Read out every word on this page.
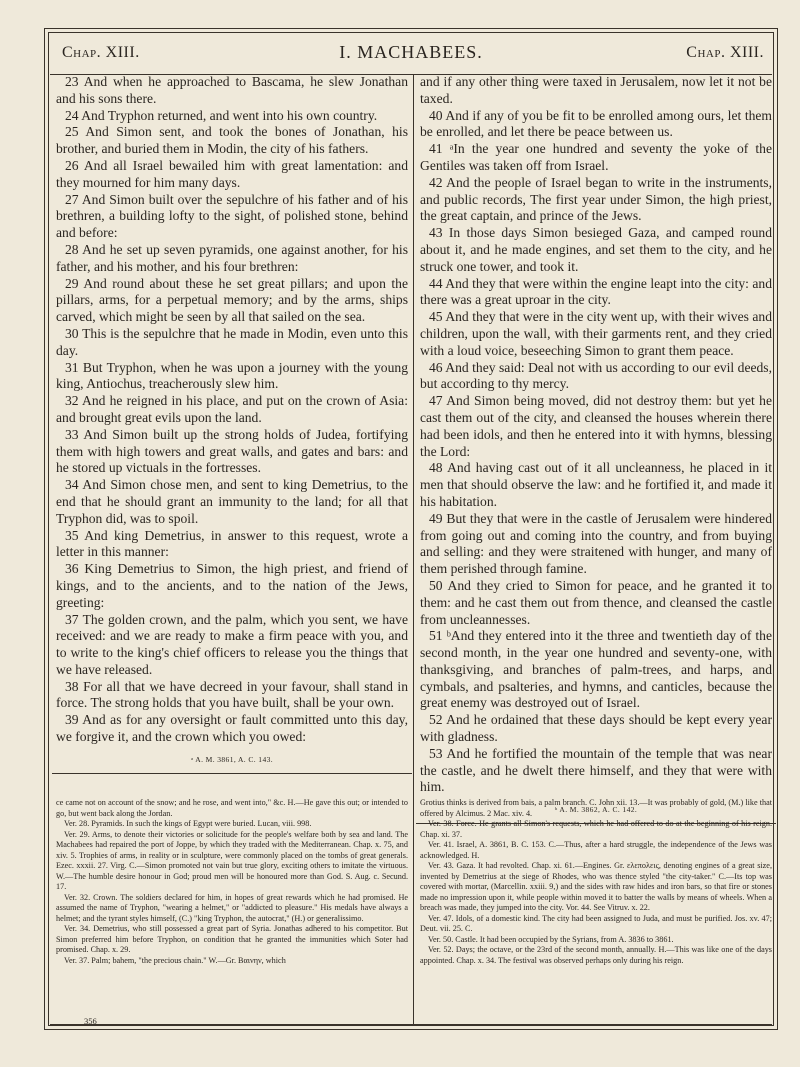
Chap. XIII.	I. MACHABEES.	Chap. XIII.

23 And when he approached to Bascama, he slew Jonathan and his sons there.

24 And Tryphon returned, and went into his own country.

25 And Simon sent, and took the bones of Jonathan, his brother, and buried them in Modin, the city of his fathers.

26 And all Israel bewailed him with great lamentation: and they mourned for him many days.

27 And Simon built over the sepulchre of his father and of his brethren, a building lofty to the sight, of polished stone, behind and before:

28 And he set up seven pyramids, one against another, for his father, and his mother, and his four brethren:

29 And round about these he set great pillars; and upon the pillars, arms, for a perpetual memory; and by the arms, ships carved, which might be seen by all that sailed on the sea.

30 This is the sepulchre that he made in Modin, even unto this day.

31 But Tryphon, when he was upon a journey with the young king, Antiochus, treacherously slew him.

32 And he reigned in his place, and put on the crown of Asia: and brought great evils upon the land.

33 And Simon built up the strong holds of Judea, fortifying them with high towers and great walls, and gates and bars: and he stored up victuals in the fortresses.

34 And Simon chose men, and sent to king Demetrius, to the end that he should grant an immunity to the land; for all that Tryphon did, was to spoil.

35 And king Demetrius, in answer to this request, wrote a letter in this manner:

36 King Demetrius to Simon, the high priest, and friend of kings, and to the ancients, and to the nation of the Jews, greeting:

37 The golden crown, and the palm, which you sent, we have received: and we are ready to make a firm peace with you, and to write to the king's chief officers to release you the things that we have released.

38 For all that we have decreed in your favour, shall stand in force. The strong holds that you have built, shall be your own.

39 And as for any oversight or fault committed unto this day, we forgive it, and the crown which you owed:

ᵃ A. M. 3861, A. C. 143.

and if any other thing were taxed in Jerusalem, now let it not be taxed.

40 And if any of you be fit to be enrolled among ours, let them be enrolled, and let there be peace between us.

41 ᵃIn the year one hundred and seventy the yoke of the Gentiles was taken off from Israel.

42 And the people of Israel began to write in the instruments, and public records, The first year under Simon, the high priest, the great captain, and prince of the Jews.

43 In those days Simon besieged Gaza, and camped round about it, and he made engines, and set them to the city, and he struck one tower, and took it.

44 And they that were within the engine leapt into the city: and there was a great uproar in the city.

45 And they that were in the city went up, with their wives and children, upon the wall, with their garments rent, and they cried with a loud voice, beseeching Simon to grant them peace.

46 And they said: Deal not with us according to our evil deeds, but according to thy mercy.

47 And Simon being moved, did not destroy them: but yet he cast them out of the city, and cleansed the houses wherein there had been idols, and then he entered into it with hymns, blessing the Lord:

48 And having cast out of it all uncleanness, he placed in it men that should observe the law: and he fortified it, and made it his habitation.

49 But they that were in the castle of Jerusalem were hindered from going out and coming into the country, and from buying and selling: and they were straitened with hunger, and many of them perished through famine.

50 And they cried to Simon for peace, and he granted it to them: and he cast them out from thence, and cleansed the castle from uncleannesses.

51 ᵇAnd they entered into it the three and twentieth day of the second month, in the year one hundred and seventy-one, with thanksgiving, and branches of palm-trees, and harps, and cymbals, and psalteries, and hymns, and canticles, because the great enemy was destroyed out of Israel.

52 And he ordained that these days should be kept every year with gladness.

53 And he fortified the mountain of the temple that was near the castle, and he dwelt there himself, and they that were with him.

ᵇ A. M. 3862, A. C. 142.

ce came not on account of the snow; and he rose, and went into," &c. H.—He gave this out; or intended to go, but went back along the Jordan.

Ver. 28. Pyramids. In such the kings of Egypt were buried. Lucan, viii. 998.

Ver. 29. Arms, to denote their victories or solicitude for the people's welfare both by sea and land. The Machabees had repaired the port of Joppe, by which they traded with the Mediterranean. Chap. x. 75, and xiv. 5. Trophies of arms, in reality or in sculpture, were commonly placed on the tombs of great generals. Ezec. xxxii. 27. Virg. C.—Simon promoted not vain but true glory, exciting others to imitate the virtuous. W.—The humble desire honour in God; proud men will be honoured more than God. S. Aug. c. Secund. 17.

Ver. 32. Crown. The soldiers declared for him, in hopes of great rewards which he had promised. He assumed the name of Tryphon, "wearing a helmet," or "addicted to pleasure." His medals have always a helmet; and the tyrant styles himself, (C.) "king Tryphon, the autocrat," (H.) or generalissimo.

Ver. 34. Demetrius, who still possessed a great part of Syria. Jonathas adhered to his competitor. But Simon preferred him before Tryphon, on condition that he granted the immunities which Soter had promised. Chap. x. 29.

Ver. 37. Palm; bahem, "the precious chain." W.—Gr. Βαινην, which

Grotius thinks is derived from bais, a palm branch. C. John xii. 13.—It was probably of gold, (M.) like that offered by Alcimus. 2 Mac. xiv. 4.

Ver. 38. Force. He grants all Simon's requests, which he had offered to do at the beginning of his reign. Chap. xi. 37.

Ver. 41. Israel, A. 3861, B. C. 153. C.—Thus, after a hard struggle, the independence of the Jews was acknowledged. H.

Ver. 43. Gaza. It had revolted. Chap. xi. 61.—Engines. Gr. ελεπολεις, denoting engines of a great size, invented by Demetrius at the siege of Rhodes, who was thence styled "the city-taker." C.—Its top was covered with mortar, (Marcellin. xxiii. 9,) and the sides with raw hides and iron bars, so that fire or stones made no impression upon it, while people within moved it to batter the walls by means of wheels. When a breach was made, they jumped into the city. Vor. 44. See Vitruv. x. 22.

Ver. 47. Idols, of a domestic kind. The city had been assigned to Juda, and must be purified. Jos. xv. 47; Deut. vii. 25. C.

Ver. 50. Castle. It had been occupied by the Syrians, from A. 3836 to 3861.

Ver. 52. Days; the octave, or the 23rd of the second month, annually. H.—This was like one of the days appointed. Chap. x. 34. The festival was observed perhaps only during his reign.

356
